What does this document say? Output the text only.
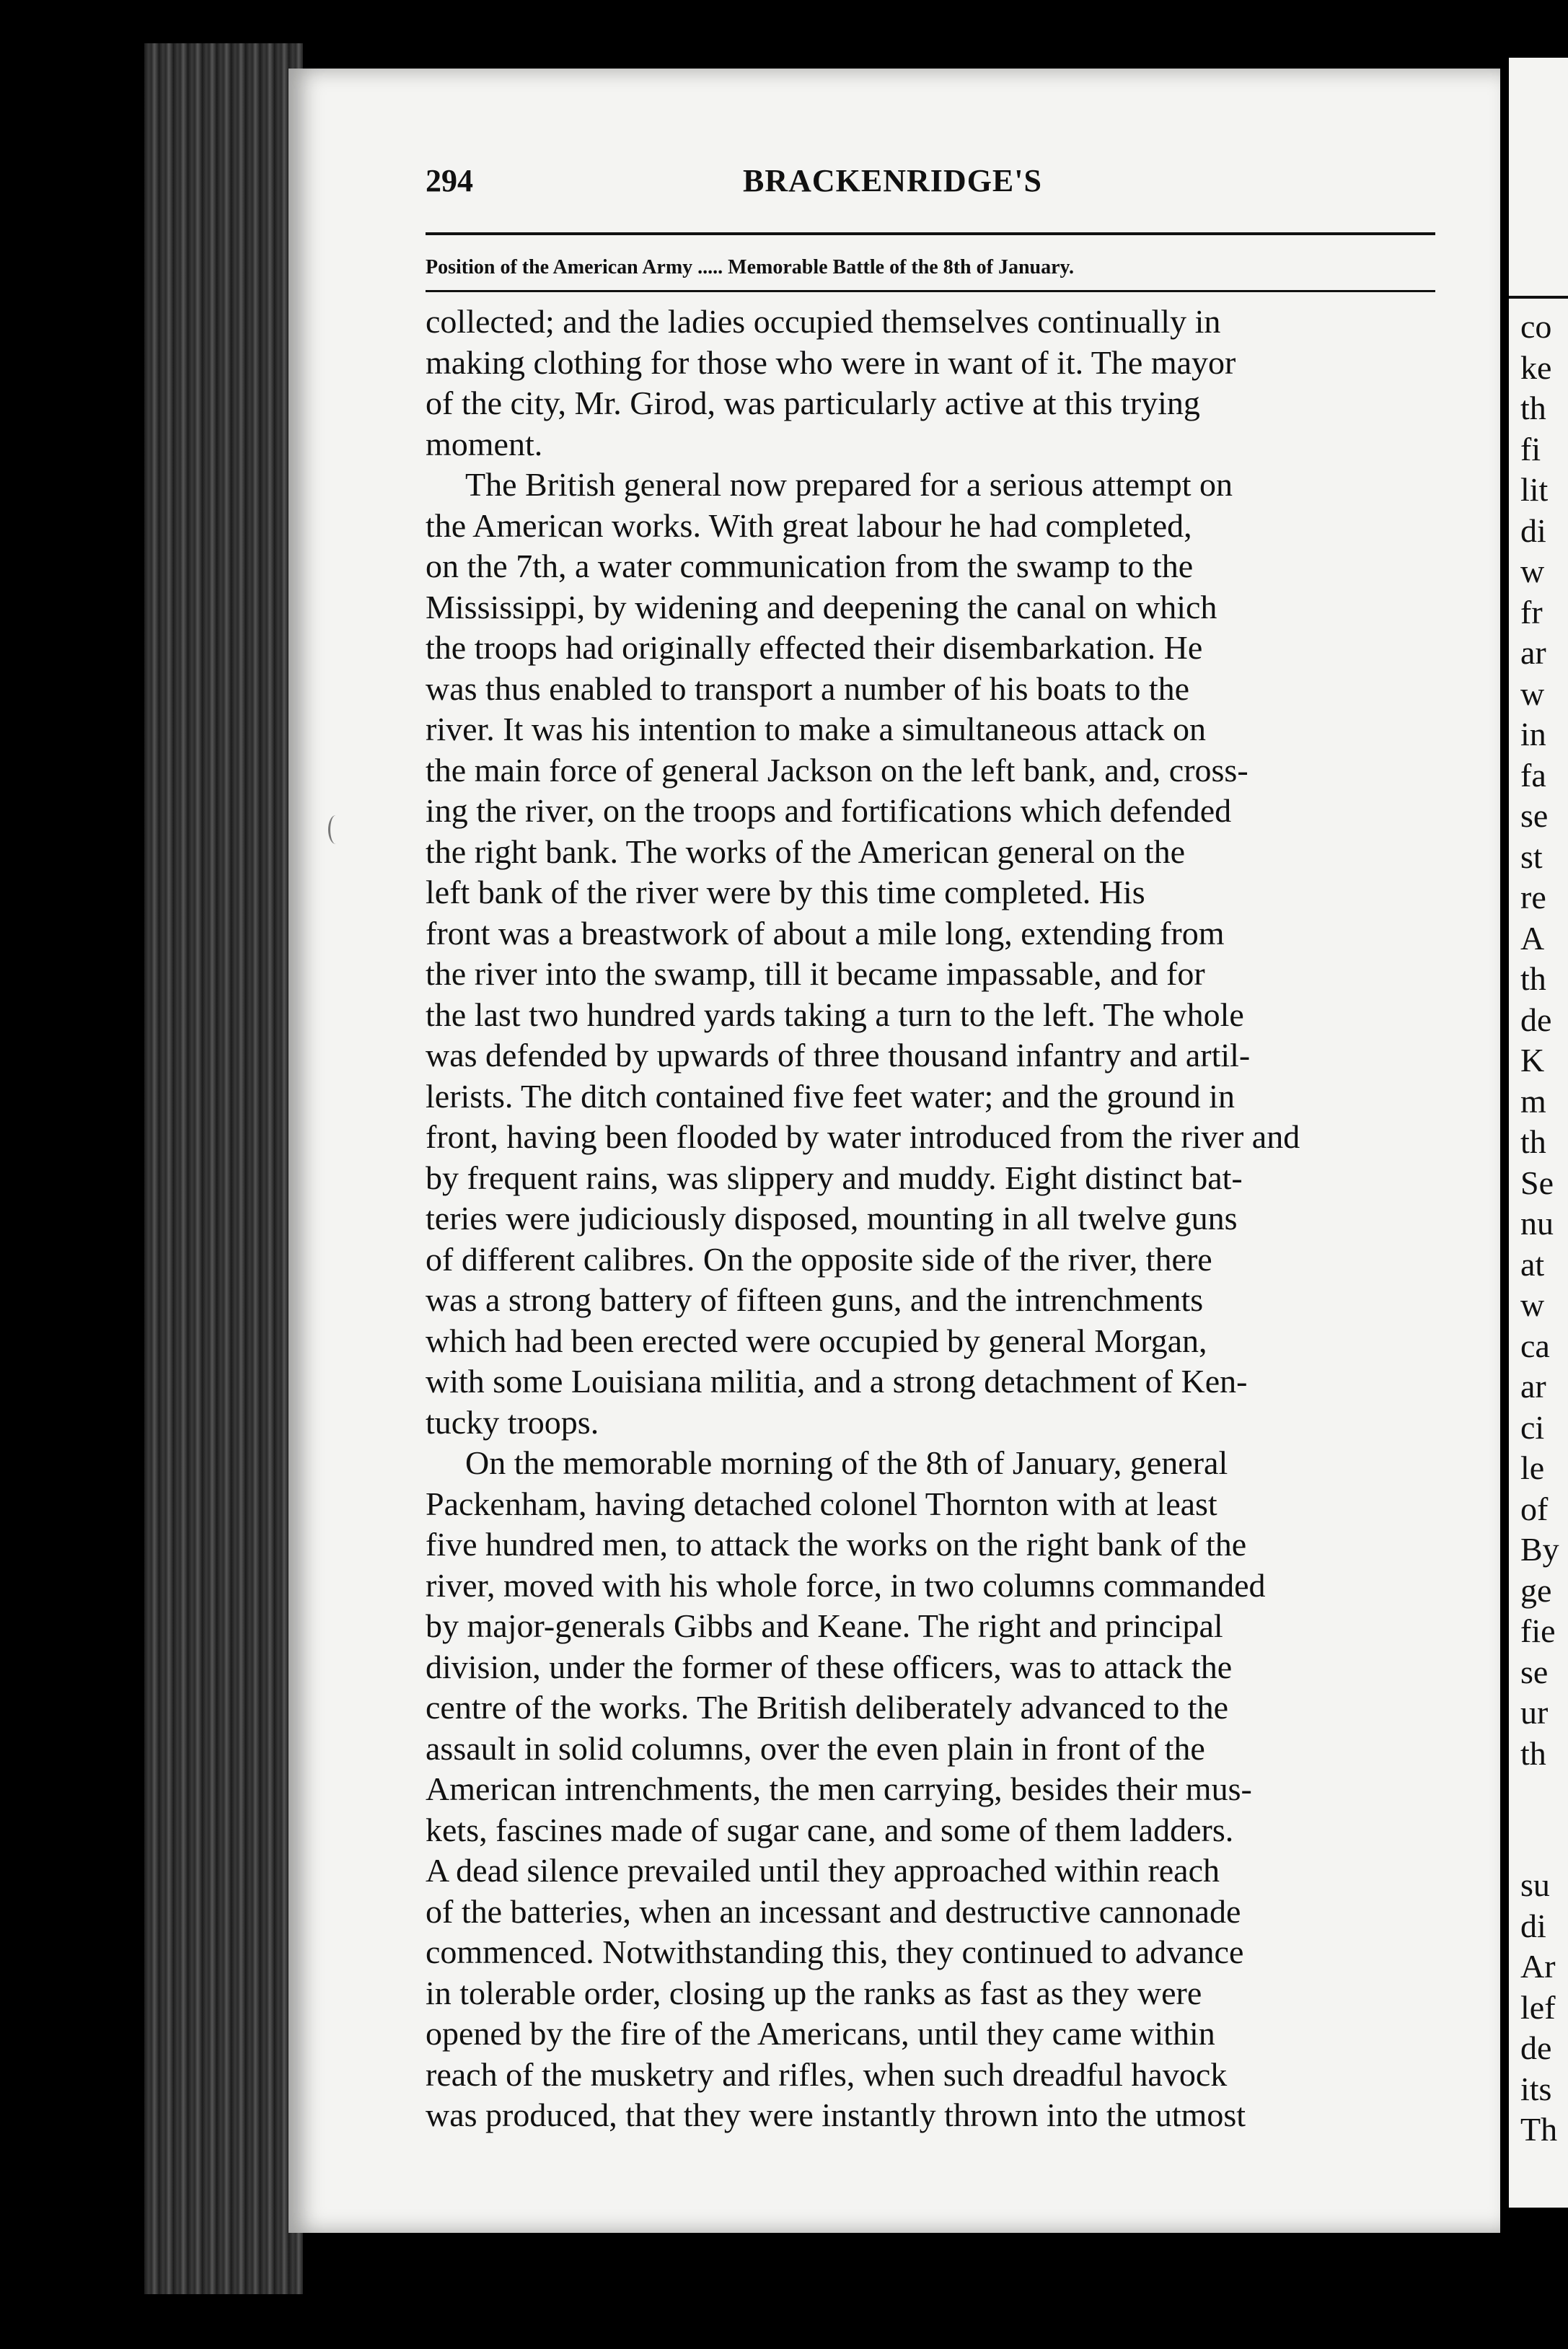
294	BRACKENRIDGE'S
Position of the American Army ..... Memorable Battle of the 8th of January.
collected; and the ladies occupied themselves continually in
making clothing for those who were in want of it. The mayor
of the city, Mr. Girod, was particularly active at this trying
moment.
The British general now prepared for a serious attempt on
the American works. With great labour he had completed,
on the 7th, a water communication from the swamp to the
Mississippi, by widening and deepening the canal on which
the troops had originally effected their disembarkation. He
was thus enabled to transport a number of his boats to the
river. It was his intention to make a simultaneous attack on
the main force of general Jackson on the left bank, and, cross-
ing the river, on the troops and fortifications which defended
the right bank. The works of the American general on the
left bank of the river were by this time completed. His
front was a breastwork of about a mile long, extending from
the river into the swamp, till it became impassable, and for
the last two hundred yards taking a turn to the left. The whole
was defended by upwards of three thousand infantry and artil-
lerists. The ditch contained five feet water; and the ground in
front, having been flooded by water introduced from the river and
by frequent rains, was slippery and muddy. Eight distinct bat-
teries were judiciously disposed, mounting in all twelve guns
of different calibres. On the opposite side of the river, there
was a strong battery of fifteen guns, and the intrenchments
which had been erected were occupied by general Morgan,
with some Louisiana militia, and a strong detachment of Ken-
tucky troops.
On the memorable morning of the 8th of January, general
Packenham, having detached colonel Thornton with at least
five hundred men, to attack the works on the right bank of the
river, moved with his whole force, in two columns commanded
by major-generals Gibbs and Keane. The right and principal
division, under the former of these officers, was to attack the
centre of the works. The British deliberately advanced to the
assault in solid columns, over the even plain in front of the
American intrenchments, the men carrying, besides their mus-
kets, fascines made of sugar cane, and some of them ladders.
A dead silence prevailed until they approached within reach
of the batteries, when an incessant and destructive cannonade
commenced. Notwithstanding this, they continued to advance
in tolerable order, closing up the ranks as fast as they were
opened by the fire of the Americans, until they came within
reach of the musketry and rifles, when such dreadful havock
was produced, that they were instantly thrown into the utmost
co
ke
th
fi
lit
di
w
fr
ar
w
in
fa
se
st
re
A
th
de
K
m
th
Se
nu
at
w
ca
ar
ci
le
of
By
ge
fie
se
ur
th
su
di
Ar
lef
de
its
Th
